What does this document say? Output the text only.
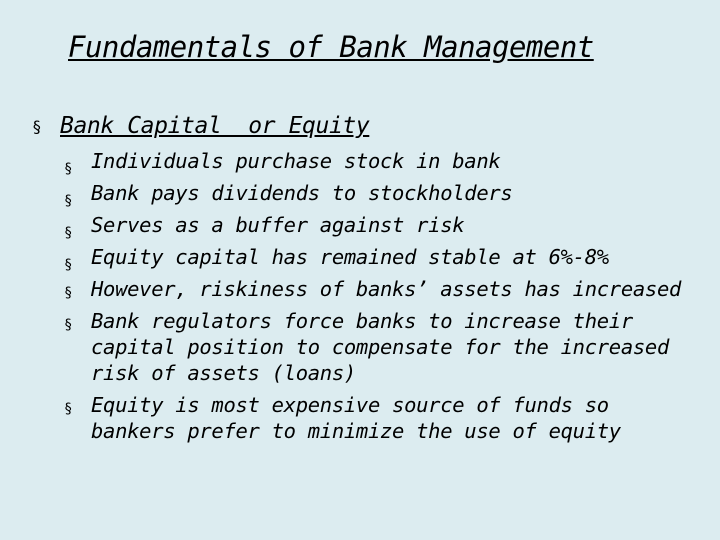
Fundamentals of Bank Management
§ Bank Capital  or Equity
§ Individuals purchase stock in bank
§ Bank pays dividends to stockholders
§ Serves as a buffer against risk
§ Equity capital has remained stable at 6%-8%
§ However, riskiness of banks’ assets has increased
§ Bank regulators force banks to increase their capital position to compensate for the increased risk of assets (loans)
§ Equity is most expensive source of funds so bankers prefer to minimize the use of equity
